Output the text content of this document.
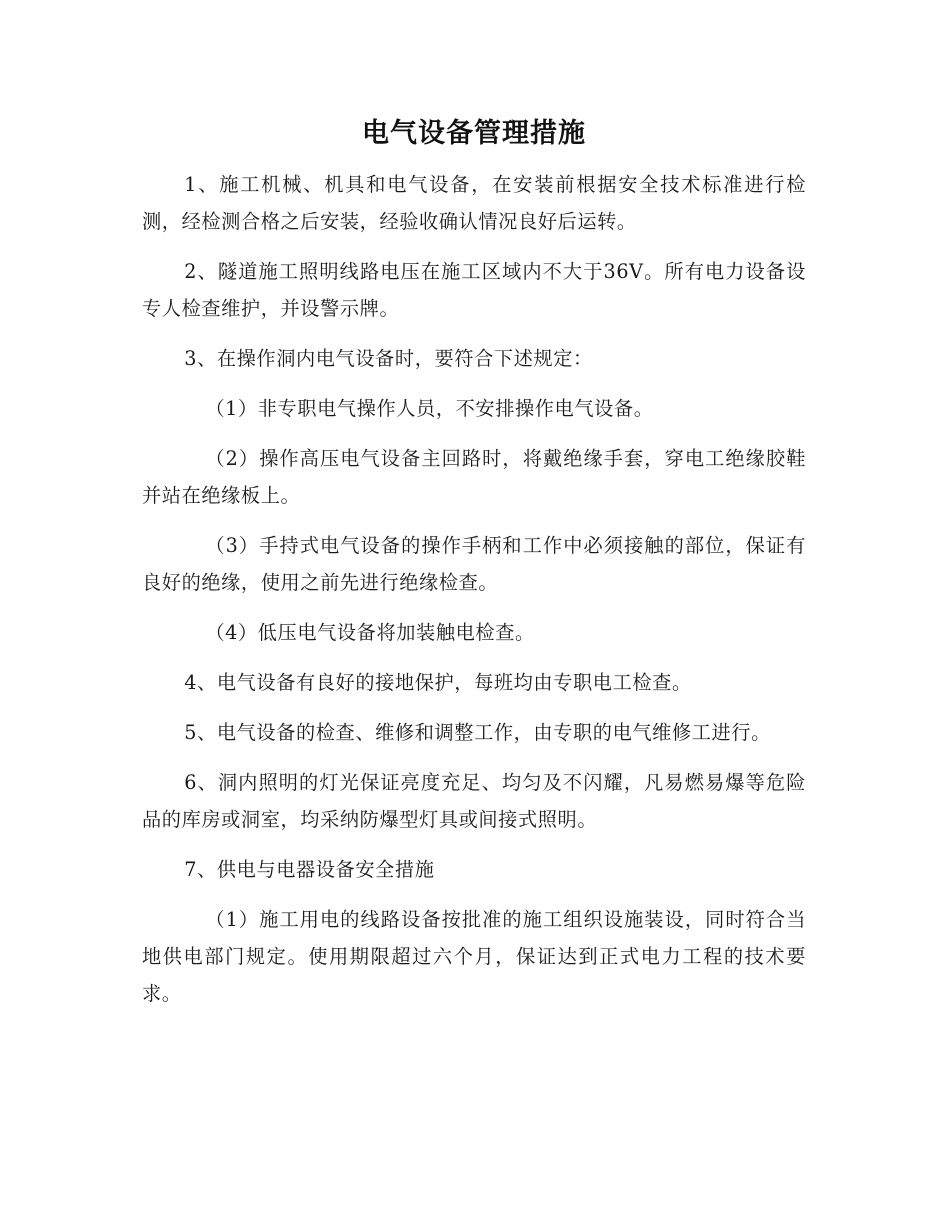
电气设备管理措施

1、施工机械、机具和电气设备，在安装前根据安全技术标准进行检测，经检测合格之后安装，经验收确认情况良好后运转。

2、隧道施工照明线路电压在施工区域内不大于36V。所有电力设备设专人检查维护，并设警示牌。

3、在操作洞内电气设备时，要符合下述规定：

（1）非专职电气操作人员，不安排操作电气设备。

（2）操作高压电气设备主回路时，将戴绝缘手套，穿电工绝缘胶鞋并站在绝缘板上。

（3）手持式电气设备的操作手柄和工作中必须接触的部位，保证有良好的绝缘，使用之前先进行绝缘检查。

（4）低压电气设备将加装触电检查。

4、电气设备有良好的接地保护，每班均由专职电工检查。

5、电气设备的检查、维修和调整工作，由专职的电气维修工进行。

6、洞内照明的灯光保证亮度充足、均匀及不闪耀，凡易燃易爆等危险品的库房或洞室，均采纳防爆型灯具或间接式照明。

7、供电与电器设备安全措施

（1）施工用电的线路设备按批准的施工组织设施装设，同时符合当地供电部门规定。使用期限超过六个月，保证达到正式电力工程的技术要求。
